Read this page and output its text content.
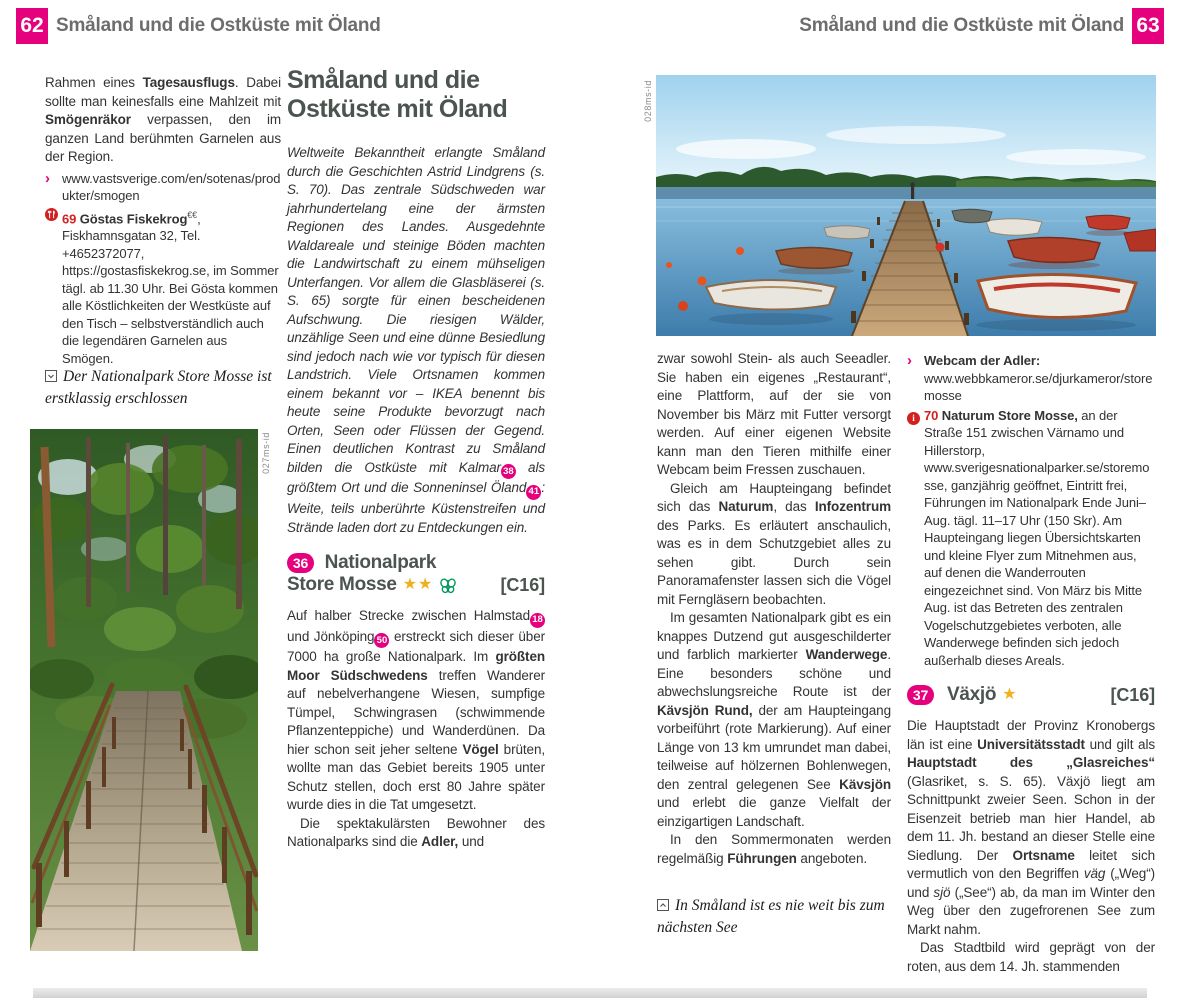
62 Småland und die Ostküste mit Öland	Småland und die Ostküste mit Öland 63

Rahmen eines Tagesausflugs. Dabei sollte man keinesfalls eine Mahlzeit mit Smögenräkor verpassen, den im ganzen Land berühmten Garnelen aus der Region.

› www.vastsverige.com/en/sotenas/produkter/smogen
69 Göstas Fiskekrog€€, Fiskhamnsgatan 32, Tel. +4652372077, https://gostasfiskekrog.se, im Sommer tägl. ab 11.30 Uhr. Bei Gösta kommen alle Köstlichkeiten der Westküste auf den Tisch – selbstverständlich auch die legendären Garnelen aus Smögen.
Der Nationalpark Store Mosse ist erstklassig erschlossen
027ms-id
Småland und die
Ostküste mit Öland

Weltweite Bekanntheit erlangte Småland durch die Geschichten Astrid Lindgrens (s. S. 70). Das zentrale Südschweden war jahrhundertelang eine der ärmsten Regionen des Landes. Ausgedehnte Waldareale und steinige Böden machten die Landwirtschaft zu einem mühseligen Unterfangen. Vor allem die Glasbläserei (s. S. 65) sorgte für einen bescheidenen Aufschwung. Die riesigen Wälder, unzählige Seen und eine dünne Besiedlung sind jedoch nach wie vor typisch für diesen Landstrich. Viele Ortsnamen kommen einem bekannt vor – IKEA benennt bis heute seine Produkte bevorzugt nach Orten, Seen oder Flüssen der Gegend. Einen deutlichen Kontrast zu Småland bilden die Ostküste mit Kalmar 38 als größtem Ort und die Sonneninsel Öland 41 : Weite, teils unberührte Küstenstreifen und Strände laden dort zu Entdeckungen ein.

36 Nationalpark
Store Mosse ★★	[C16]

Auf halber Strecke zwischen Halmstad 18 und Jönköping 50 erstreckt sich dieser über 7000 ha große Nationalpark. Im größten Moor Südschwedens treffen Wanderer auf nebelverhangene Wiesen, sumpfige Tümpel, Schwingrasen (schwimmende Pflanzenteppiche) und Wanderdünen. Da hier schon seit jeher seltene Vögel brüten, wollte man das Gebiet bereits 1905 unter Schutz stellen, doch erst 80 Jahre später wurde dies in die Tat umgesetzt.

Die spektakulärsten Bewohner des Nationalparks sind die Adler, und

028ms-id

zwar sowohl Stein- als auch Seeadler. Sie haben ein eigenes „Restaurant“, eine Plattform, auf der sie von November bis März mit Futter versorgt werden. Auf einer eigenen Website kann man den Tieren mithilfe einer Webcam beim Fressen zuschauen.

Gleich am Haupteingang befindet sich das Naturum, das Infozentrum des Parks. Es erläutert anschaulich, was es in dem Schutzgebiet alles zu sehen gibt. Durch sein Panoramafenster lassen sich die Vögel mit Ferngläsern beobachten.

Im gesamten Nationalpark gibt es ein knappes Dutzend gut ausgeschilderter und farblich markierter Wanderwege. Eine besonders schöne und abwechslungsreiche Route ist der Kävsjön Rund, der am Haupteingang vorbeiführt (rote Markierung). Auf einer Länge von 13 km umrundet man dabei, teilweise auf hölzernen Bohlenwegen, den zentral gelegenen See Kävsjön und erlebt die ganze Vielfalt der einzigartigen Landschaft.

In den Sommermonaten werden regelmäßig Führungen angeboten.

In Småland ist es nie weit bis zum nächsten See
› Webcam der Adler: www.webbkameror.se/djurkameror/storemosse
i 70 Naturum Store Mosse, an der Straße 151 zwischen Värnamo und Hillerstorp, www.sverigesnationalparker.se/storemosse, ganzjährig geöffnet, Eintritt frei, Führungen im Nationalpark Ende Juni–Aug. tägl. 11–17 Uhr (150 Skr). Am Haupteingang liegen Übersichtskarten und kleine Flyer zum Mitnehmen aus, auf denen die Wanderrouten eingezeichnet sind. Von März bis Mitte Aug. ist das Betreten des zentralen Vogelschutzgebietes verboten, alle Wanderwege befinden sich jedoch außerhalb dieses Areals.
37 Växjö ★	[C16]

Die Hauptstadt der Provinz Kronobergs län ist eine Universitätsstadt und gilt als Hauptstadt des „Glasreiches“ (Glasriket, s. S. 65). Växjö liegt am Schnittpunkt zweier Seen. Schon in der Eisenzeit betrieb man hier Handel, ab dem 11. Jh. bestand an dieser Stelle eine Siedlung. Der Ortsname leitet sich vermutlich von den Begriffen väg („Weg“) und sjö („See“) ab, da man im Winter den Weg über den zugefrorenen See zum Markt nahm.

Das Stadtbild wird geprägt von der roten, aus dem 14. Jh. stammenden
